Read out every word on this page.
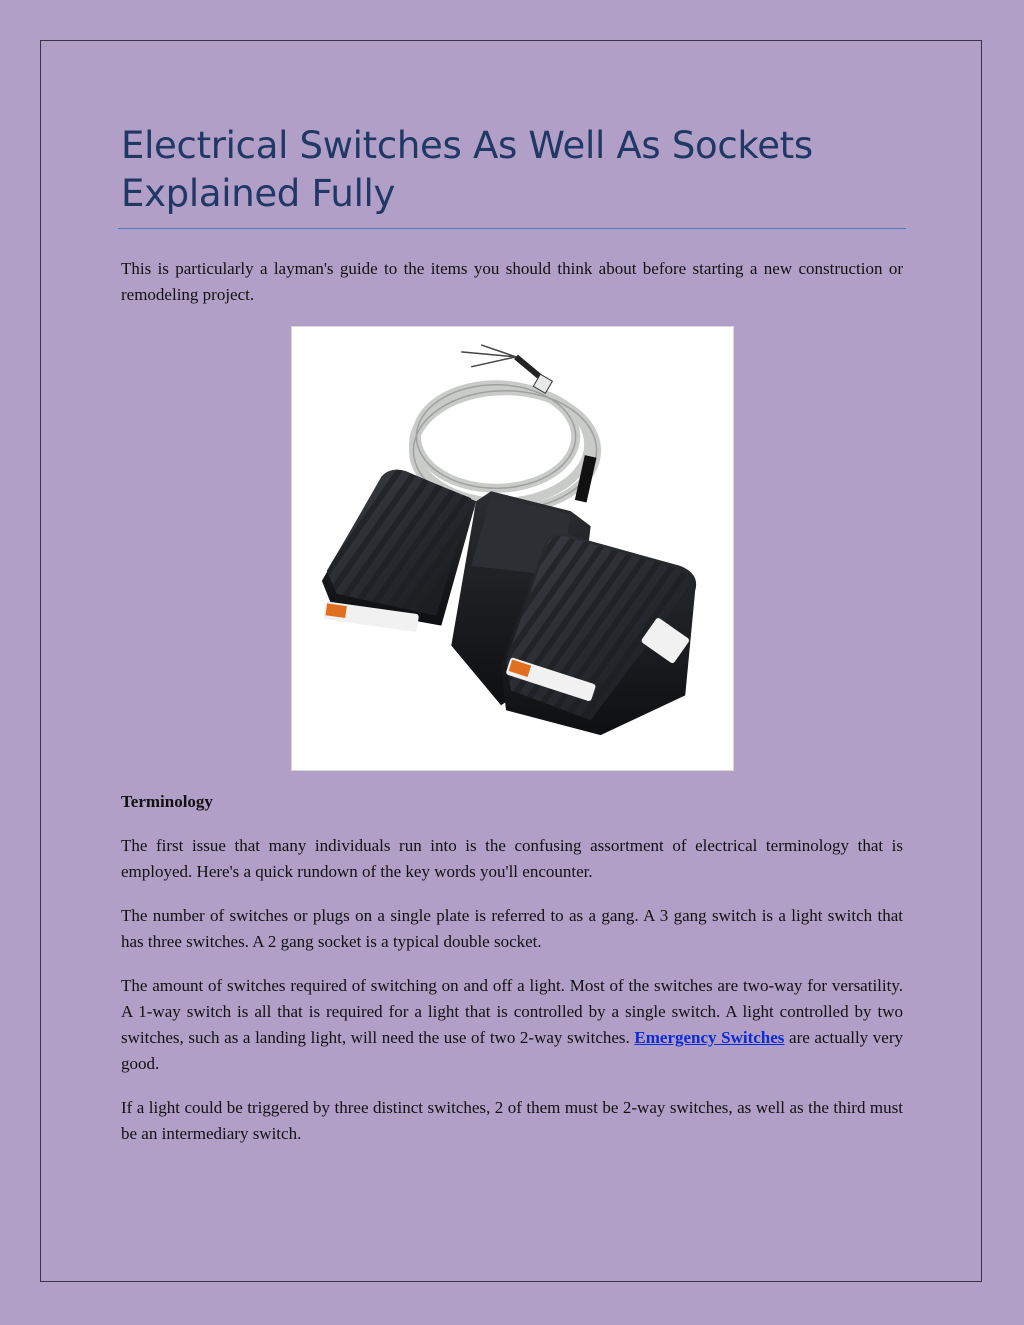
Electrical Switches As Well As Sockets Explained Fully

This is particularly a layman's guide to the items you should think about before starting a new construction or remodeling project.

Terminology

The first issue that many individuals run into is the confusing assortment of electrical terminology that is employed. Here's a quick rundown of the key words you'll encounter.

The number of switches or plugs on a single plate is referred to as a gang. A 3 gang switch is a light switch that has three switches. A 2 gang socket is a typical double socket.

The amount of switches required of switching on and off a light. Most of the switches are two-way for versatility. A 1-way switch is all that is required for a light that is controlled by a single switch. A light controlled by two switches, such as a landing light, will need the use of two 2-way switches. Emergency Switches are actually very good.

If a light could be triggered by three distinct switches, 2 of them must be 2-way switches, as well as the third must be an intermediary switch.
